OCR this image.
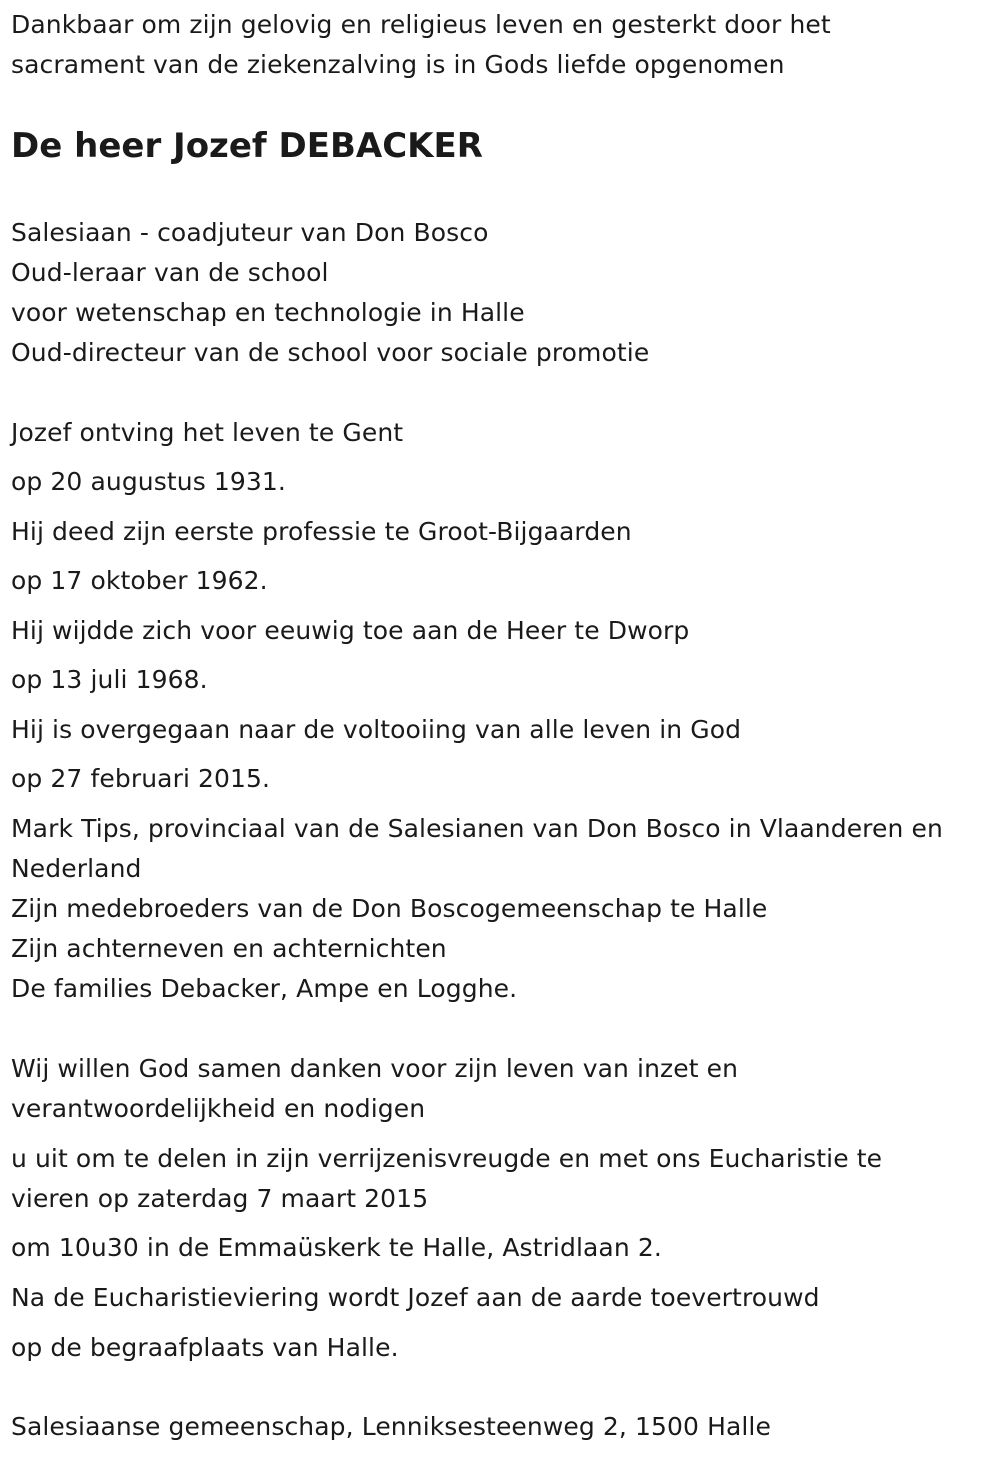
Dankbaar om zijn gelovig en religieus leven en gesterkt door het
sacrament van de ziekenzalving is in Gods liefde opgenomen
De heer Jozef DEBACKER
Salesiaan - coadjuteur van Don Bosco
Oud-leraar van de school
voor wetenschap en technologie in Halle
Oud-directeur van de school voor sociale promotie
Jozef ontving het leven te Gent
op 20 augustus 1931.
Hij deed zijn eerste professie te Groot-Bijgaarden
op 17 oktober 1962.
Hij wijdde zich voor eeuwig toe aan de Heer te Dworp
op 13 juli 1968.
Hij is overgegaan naar de voltooiing van alle leven in God
op 27 februari 2015.
Mark Tips, provinciaal van de Salesianen van Don Bosco in Vlaanderen en
Nederland
Zijn medebroeders van de Don Boscogemeenschap te Halle
Zijn achterneven en achternichten
De families Debacker, Ampe en Logghe.
Wij willen God samen danken voor zijn leven van inzet en
verantwoordelijkheid en nodigen
u uit om te delen in zijn verrijzenisvreugde en met ons Eucharistie te
vieren op zaterdag 7 maart 2015
om 10u30 in de Emmaüskerk te Halle, Astridlaan 2.
Na de Eucharistieviering wordt Jozef aan de aarde toevertrouwd
op de begraafplaats van Halle.
Salesiaanse gemeenschap, Lenniksesteenweg 2, 1500 Halle
